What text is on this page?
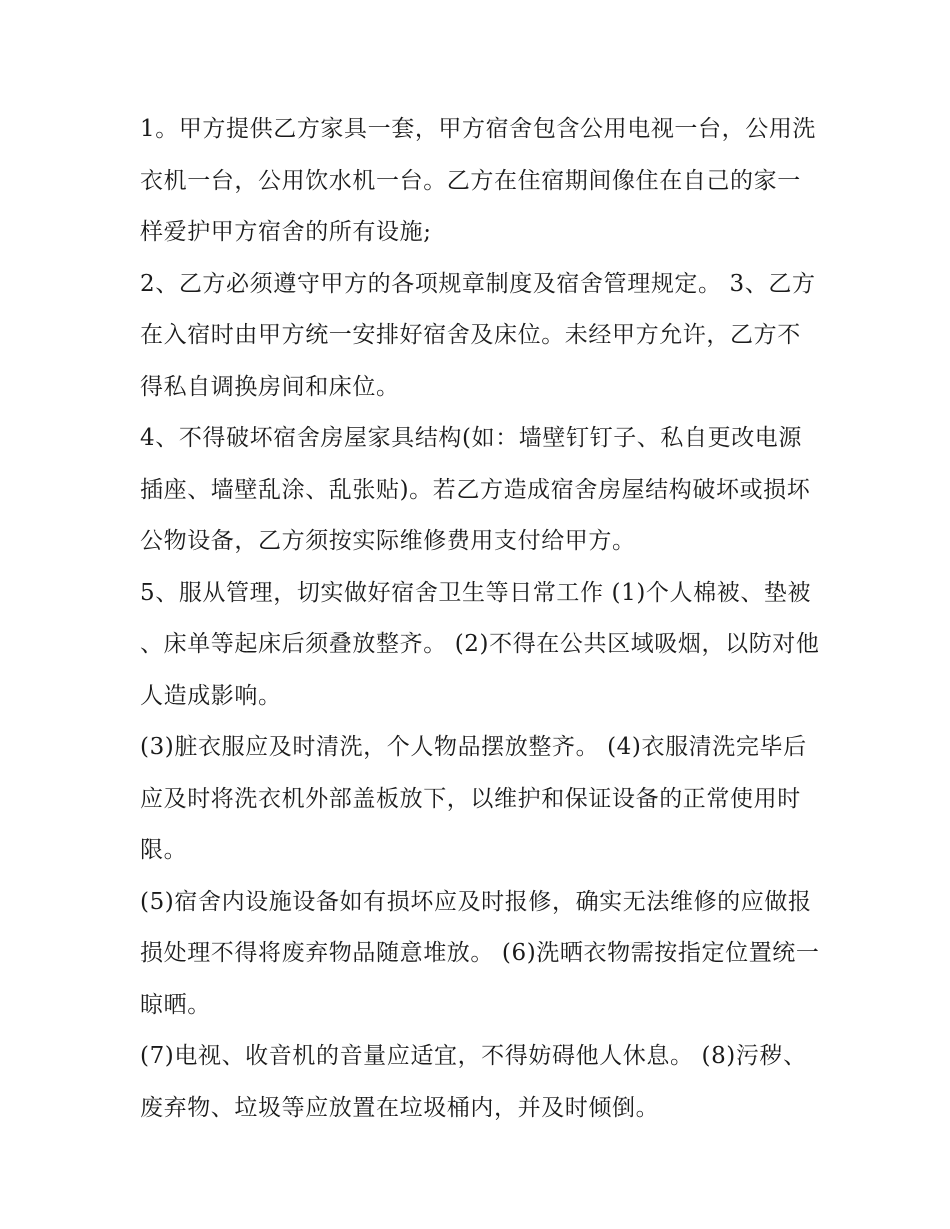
1。甲方提供乙方家具一套，甲方宿舍包含公用电视一台，公用洗衣机一台，公用饮水机一台。乙方在住宿期间像住在自己的家一样爱护甲方宿舍的所有设施;

2、乙方必须遵守甲方的各项规章制度及宿舍管理规定。 3、乙方在入宿时由甲方统一安排好宿舍及床位。未经甲方允许，乙方不得私自调换房间和床位。

4、不得破坏宿舍房屋家具结构(如：墙壁钉钉子、私自更改电源插座、墙壁乱涂、乱张贴)。若乙方造成宿舍房屋结构破坏或损坏公物设备，乙方须按实际维修费用支付给甲方。

5、服从管理，切实做好宿舍卫生等日常工作 (1)个人棉被、垫被、床单等起床后须叠放整齐。 (2)不得在公共区域吸烟，以防对他人造成影响。

(3)脏衣服应及时清洗，个人物品摆放整齐。 (4)衣服清洗完毕后应及时将洗衣机外部盖板放下，以维护和保证设备的正常使用时限。

(5)宿舍内设施设备如有损坏应及时报修，确实无法维修的应做报损处理不得将废弃物品随意堆放。 (6)洗晒衣物需按指定位置统一晾晒。

(7)电视、收音机的音量应适宜，不得妨碍他人休息。 (8)污秽、废弃物、垃圾等应放置在垃圾桶内，并及时倾倒。
